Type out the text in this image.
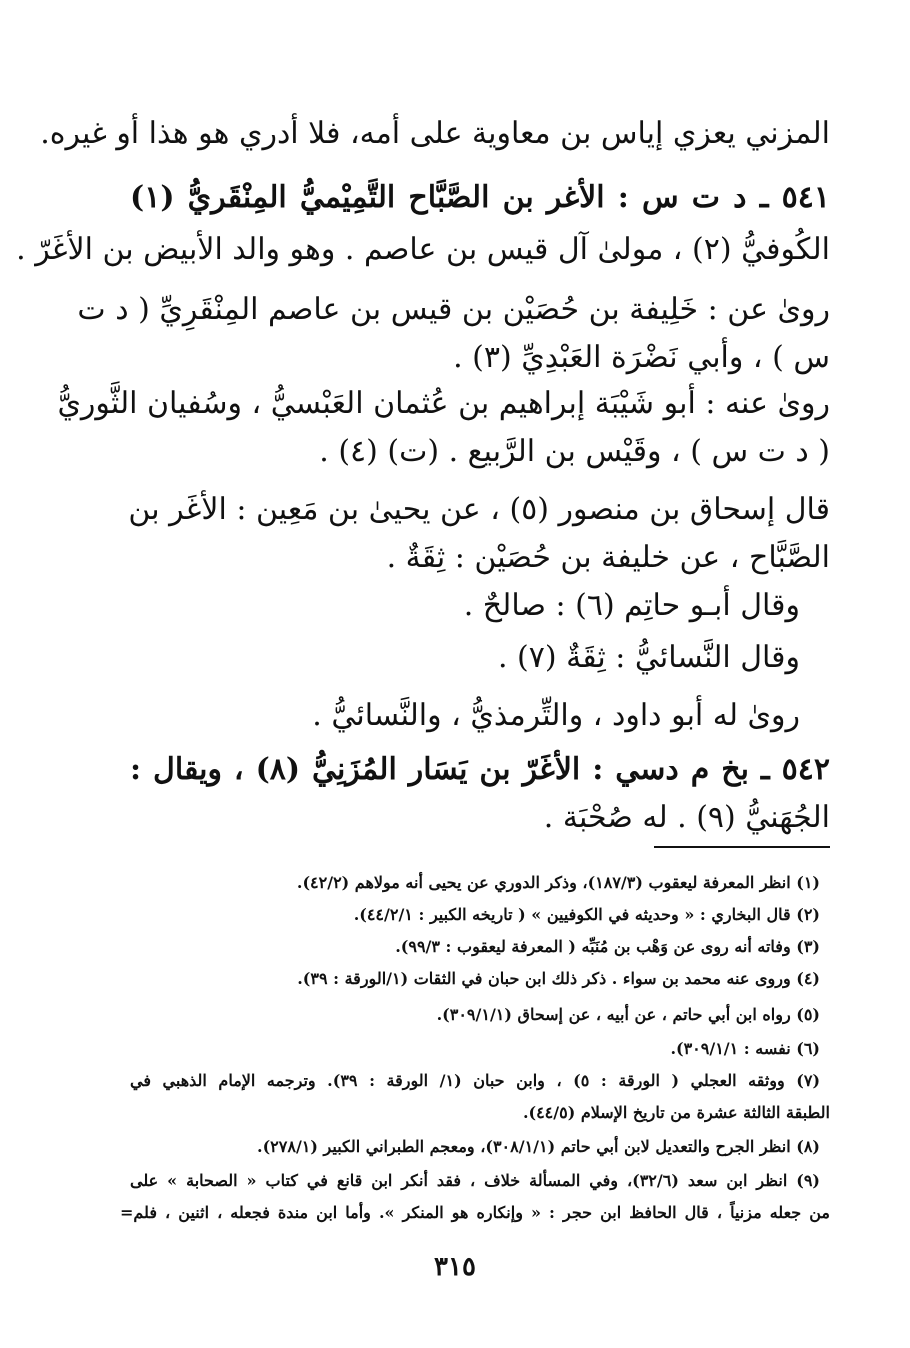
المزني يعزي إياس بن معاوية على أمه، فلا أدري هو هذا أو غيره.
٥٤١ ـ د ت س : الأغر بن الصَّبَّاح التَّمِيْميُّ المِنْقَريُّ (١)
الكُوفيُّ (٢) ، مولىٰ آل قيس بن عاصم . وهو والد الأبيض بن الأغَرّ .
روىٰ عن : خَلِيفة بن حُصَيْن بن قيس بن عاصم المِنْقَرِيِّ ( د ت
س ) ، وأبي نَضْرَة العَبْدِيِّ (٣) .
روىٰ عنه : أبو شَيْبَة إبراهيم بن عُثمان العَبْسيُّ ، وسُفيان الثَّوريُّ
( د ت س ) ، وقَيْس بن الرَّبيع . (ت) (٤) .
قال إسحاق بن منصور (٥) ، عن يحيىٰ بن مَعِين : الأغَر بن
الصَّبَّاح ، عن خليفة بن حُصَيْن : ثِقَةٌ .
وقال أبـو حاتِم (٦) : صالحٌ .
وقال النَّسائيُّ : ثِقَةٌ (٧) .
روىٰ له أبو داود ، والتِّرمذيُّ ، والنَّسائيُّ .
٥٤٢ ـ بخ م دسي : الأغَرّ بن يَسَار المُزَنِيُّ (٨) ، ويقال :
الجُهَنيُّ (٩) . له صُحْبَة .
(١) انظر المعرفة ليعقوب (١٨٧/٣)، وذكر الدوري عن يحيى أنه مولاهم (٤٢/٢).
(٢) قال البخاري : « وحديثه في الكوفيين » ( تاريخه الكبير : ٤٤/٢/١).
(٣) وفاته أنه روى عن وَهْب بن مُنَبِّه ( المعرفة ليعقوب : ٩٩/٣).
(٤) وروى عنه محمد بن سواء . ذكر ذلك ابن حبان في الثقات (١/الورقة : ٣٩).
(٥) رواه ابن أبي حاتم ، عن أبيه ، عن إسحاق (٣٠٩/١/١).
(٦) نفسه : ٣٠٩/١/١).
(٧) ووثقه العجلي ( الورقة : ٥) ، وابن حبان (١/ الورقة : ٣٩). وترجمه الإمام الذهبي في
الطبقة الثالثة عشرة من تاريخ الإسلام (٤٤/٥).
(٨) انظر الجرح والتعديل لابن أبي حاتم (٣٠٨/١/١)، ومعجم الطبراني الكبير (٢٧٨/١).
(٩) انظر ابن سعد (٣٢/٦)، وفي المسألة خلاف ، فقد أنكر ابن قانع في كتاب « الصحابة » على
من جعله مزنياً ، قال الحافظ ابن حجر : « وإنكاره هو المنكر ». وأما ابن مندة فجعله ، اثنين ، فلم=
٣١٥
